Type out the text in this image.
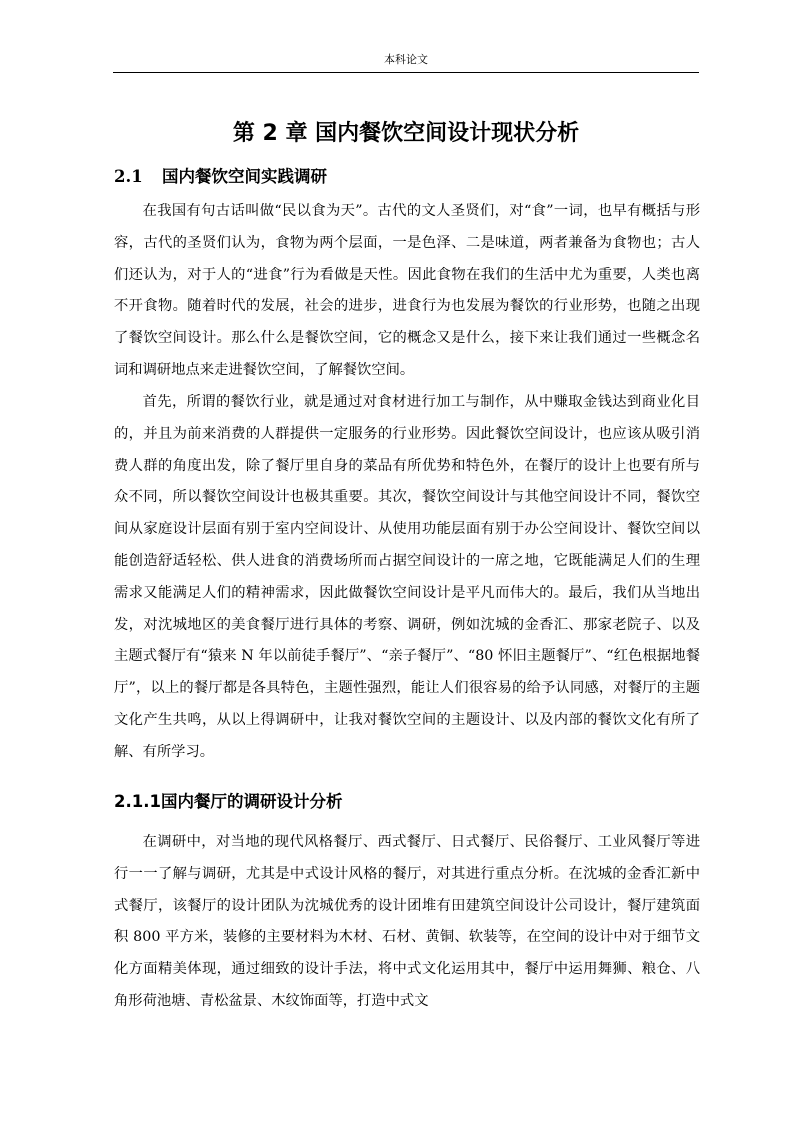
本科论文
第 2 章 国内餐饮空间设计现状分析
2.1 国内餐饮空间实践调研

在我国有句古话叫做“民以食为天”。古代的文人圣贤们，对“食”一词，也早有概括与形容，古代的圣贤们认为，食物为两个层面，一是色泽、二是味道，两者兼备为食物也；古人们还认为，对于人的“进食”行为看做是天性。因此食物在我们的生活中尤为重要，人类也离不开食物。随着时代的发展，社会的进步，进食行为也发展为餐饮的行业形势，也随之出现了餐饮空间设计。那么什么是餐饮空间，它的概念又是什么，接下来让我们通过一些概念名词和调研地点来走进餐饮空间，了解餐饮空间。

首先，所谓的餐饮行业，就是通过对食材进行加工与制作，从中赚取金钱达到商业化目的，并且为前来消费的人群提供一定服务的行业形势。因此餐饮空间设计，也应该从吸引消费人群的角度出发，除了餐厅里自身的菜品有所优势和特色外，在餐厅的设计上也要有所与众不同，所以餐饮空间设计也极其重要。其次，餐饮空间设计与其他空间设计不同，餐饮空间从家庭设计层面有别于室内空间设计、从使用功能层面有别于办公空间设计、餐饮空间以能创造舒适轻松、供人进食的消费场所而占据空间设计的一席之地，它既能满足人们的生理需求又能满足人们的精神需求，因此做餐饮空间设计是平凡而伟大的。最后，我们从当地出发，对沈城地区的美食餐厅进行具体的考察、调研，例如沈城的金香汇、那家老院子、以及主题式餐厅有“猿来 N 年以前徒手餐厅”、“亲子餐厅”、“80 怀旧主题餐厅”、“红色根据地餐厅”，以上的餐厅都是各具特色，主题性强烈，能让人们很容易的给予认同感，对餐厅的主题文化产生共鸣，从以上得调研中，让我对餐饮空间的主题设计、以及内部的餐饮文化有所了解、有所学习。

2.1.1国内餐厅的调研设计分析

在调研中，对当地的现代风格餐厅、西式餐厅、日式餐厅、民俗餐厅、工业风餐厅等进行一一了解与调研，尤其是中式设计风格的餐厅，对其进行重点分析。在沈城的金香汇新中式餐厅，该餐厅的设计团队为沈城优秀的设计团堆有田建筑空间设计公司设计，餐厅建筑面积 800 平方米，装修的主要材料为木材、石材、黄铜、软装等，在空间的设计中对于细节文化方面精美体现，通过细致的设计手法，将中式文化运用其中，餐厅中运用舞狮、粮仓、八角形荷池塘、青松盆景、木纹饰面等，打造中式文
